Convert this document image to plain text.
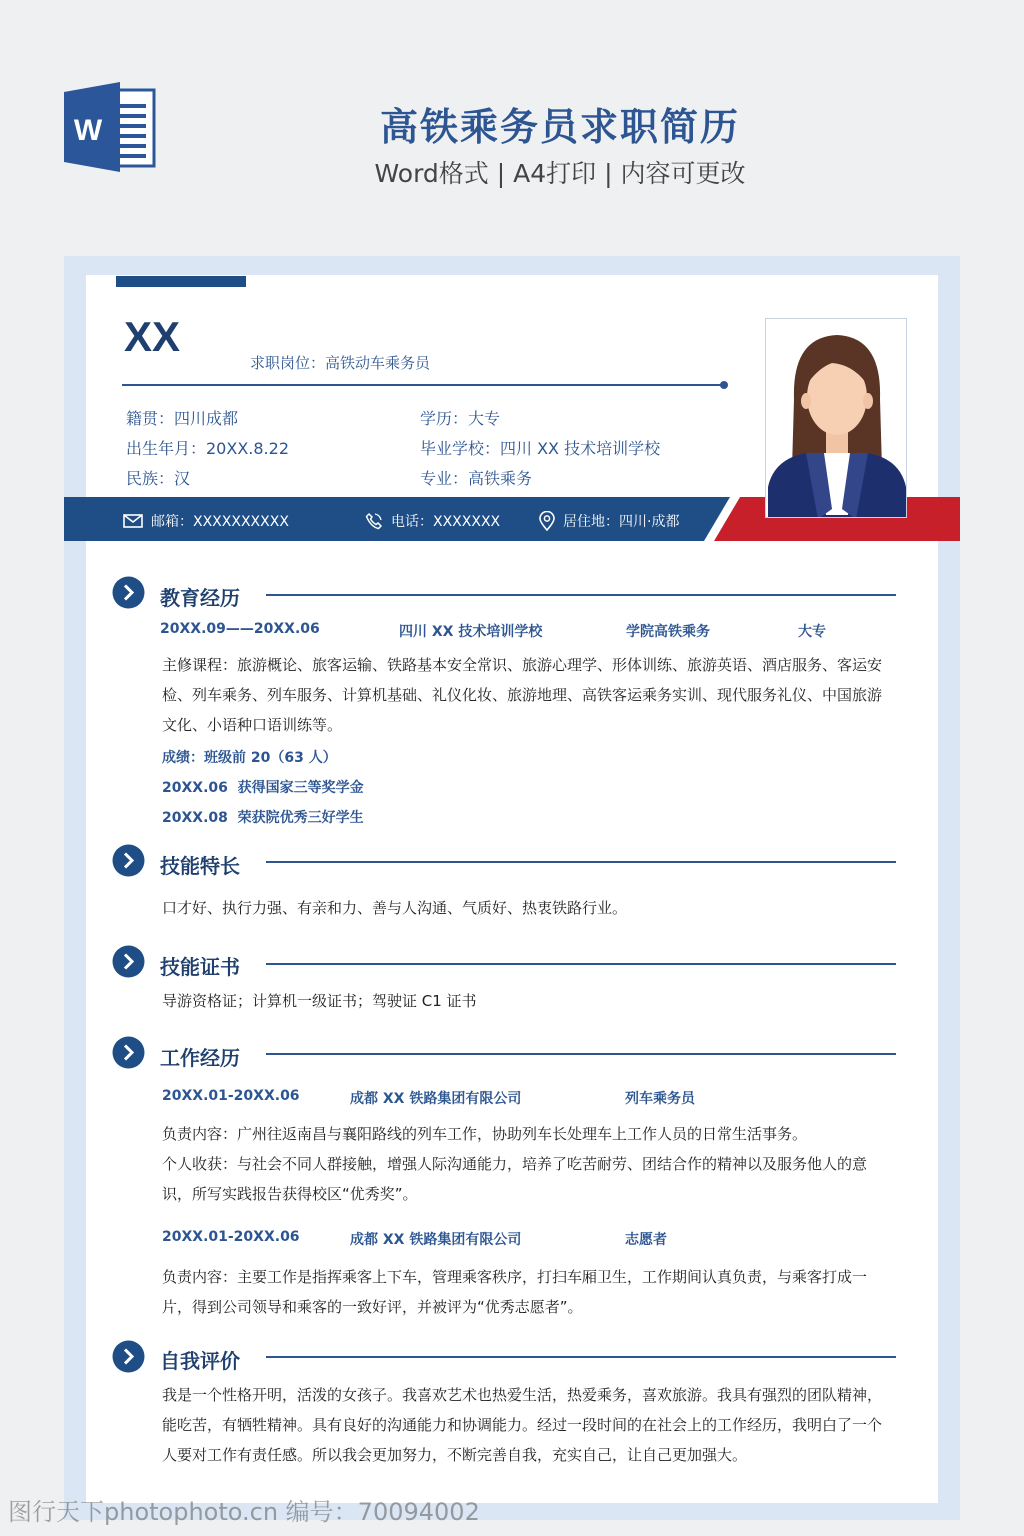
W	高铁乘务员求职简历
Word格式 | A4打印 | 内容可更改
XX
求职岗位：高铁动车乘务员
籍贯：四川成都
出生年月：20XX.8.22
民族：汉
学历：大专
毕业学校：四川 XX 技术培训学校
专业：高铁乘务
邮箱：XXXXXXXXXX	电话：XXXXXXX	居住地：四川·成都
教育经历
20XX.09——20XX.06	四川 XX 技术培训学校	学院高铁乘务	大专
主修课程：旅游概论、旅客运输、铁路基本安全常识、旅游心理学、形体训练、旅游英语、酒店服务、客运安检、列车乘务、列车服务、计算机基础、礼仪化妆、旅游地理、高铁客运乘务实训、现代服务礼仪、中国旅游文化、小语种口语训练等。
成绩：班级前 20（63 人）
20XX.06  获得国家三等奖学金
20XX.08  荣获院优秀三好学生
技能特长
口才好、执行力强、有亲和力、善与人沟通、气质好、热衷铁路行业。
技能证书
导游资格证；计算机一级证书；驾驶证 C1 证书
工作经历
20XX.01-20XX.06	成都 XX 铁路集团有限公司	列车乘务员
负责内容：广州往返南昌与襄阳路线的列车工作，协助列车长处理车上工作人员的日常生活事务。
个人收获：与社会不同人群接触，增强人际沟通能力，培养了吃苦耐劳、团结合作的精神以及服务他人的意识，所写实践报告获得校区“优秀奖”。
20XX.01-20XX.06	成都 XX 铁路集团有限公司	志愿者
负责内容：主要工作是指挥乘客上下车，管理乘客秩序，打扫车厢卫生，工作期间认真负责，与乘客打成一片，得到公司领导和乘客的一致好评，并被评为“优秀志愿者”。
自我评价
我是一个性格开明，活泼的女孩子。我喜欢艺术也热爱生活，热爱乘务，喜欢旅游。我具有强烈的团队精神，能吃苦，有牺牲精神。具有良好的沟通能力和协调能力。经过一段时间的在社会上的工作经历，我明白了一个人要对工作有责任感。所以我会更加努力，不断完善自我，充实自己，让自己更加强大。
图行天下photophoto.cn 编号：70094002
